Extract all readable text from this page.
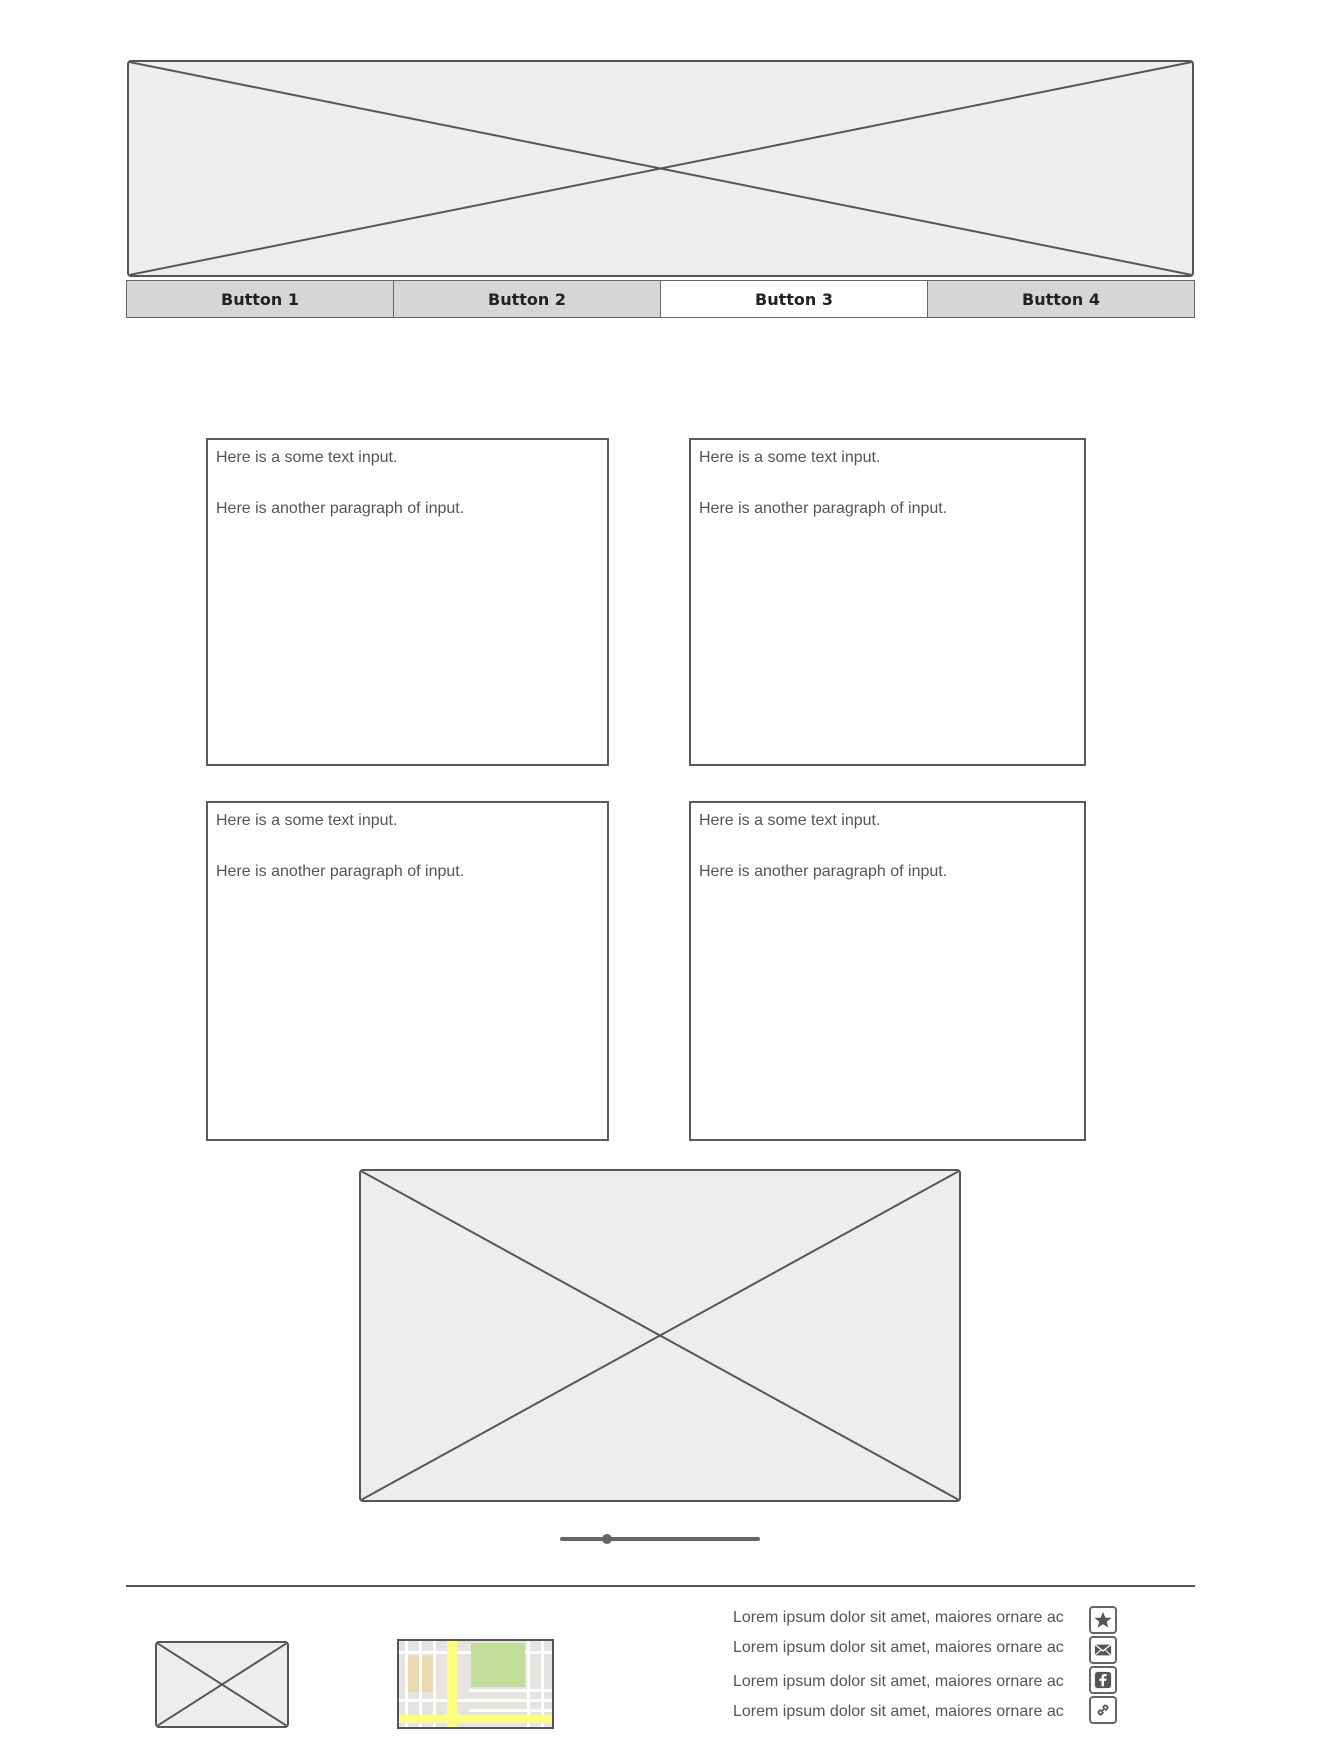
Button 1	Button 2	Button 3	Button 4

Here is a some text input.

Here is another paragraph of input.

Here is a some text input.

Here is another paragraph of input.

Here is a some text input.

Here is another paragraph of input.

Here is a some text input.

Here is another paragraph of input.

Lorem ipsum dolor sit amet, maiores ornare ac
Lorem ipsum dolor sit amet, maiores ornare ac
Lorem ipsum dolor sit amet, maiores ornare ac
Lorem ipsum dolor sit amet, maiores ornare ac
